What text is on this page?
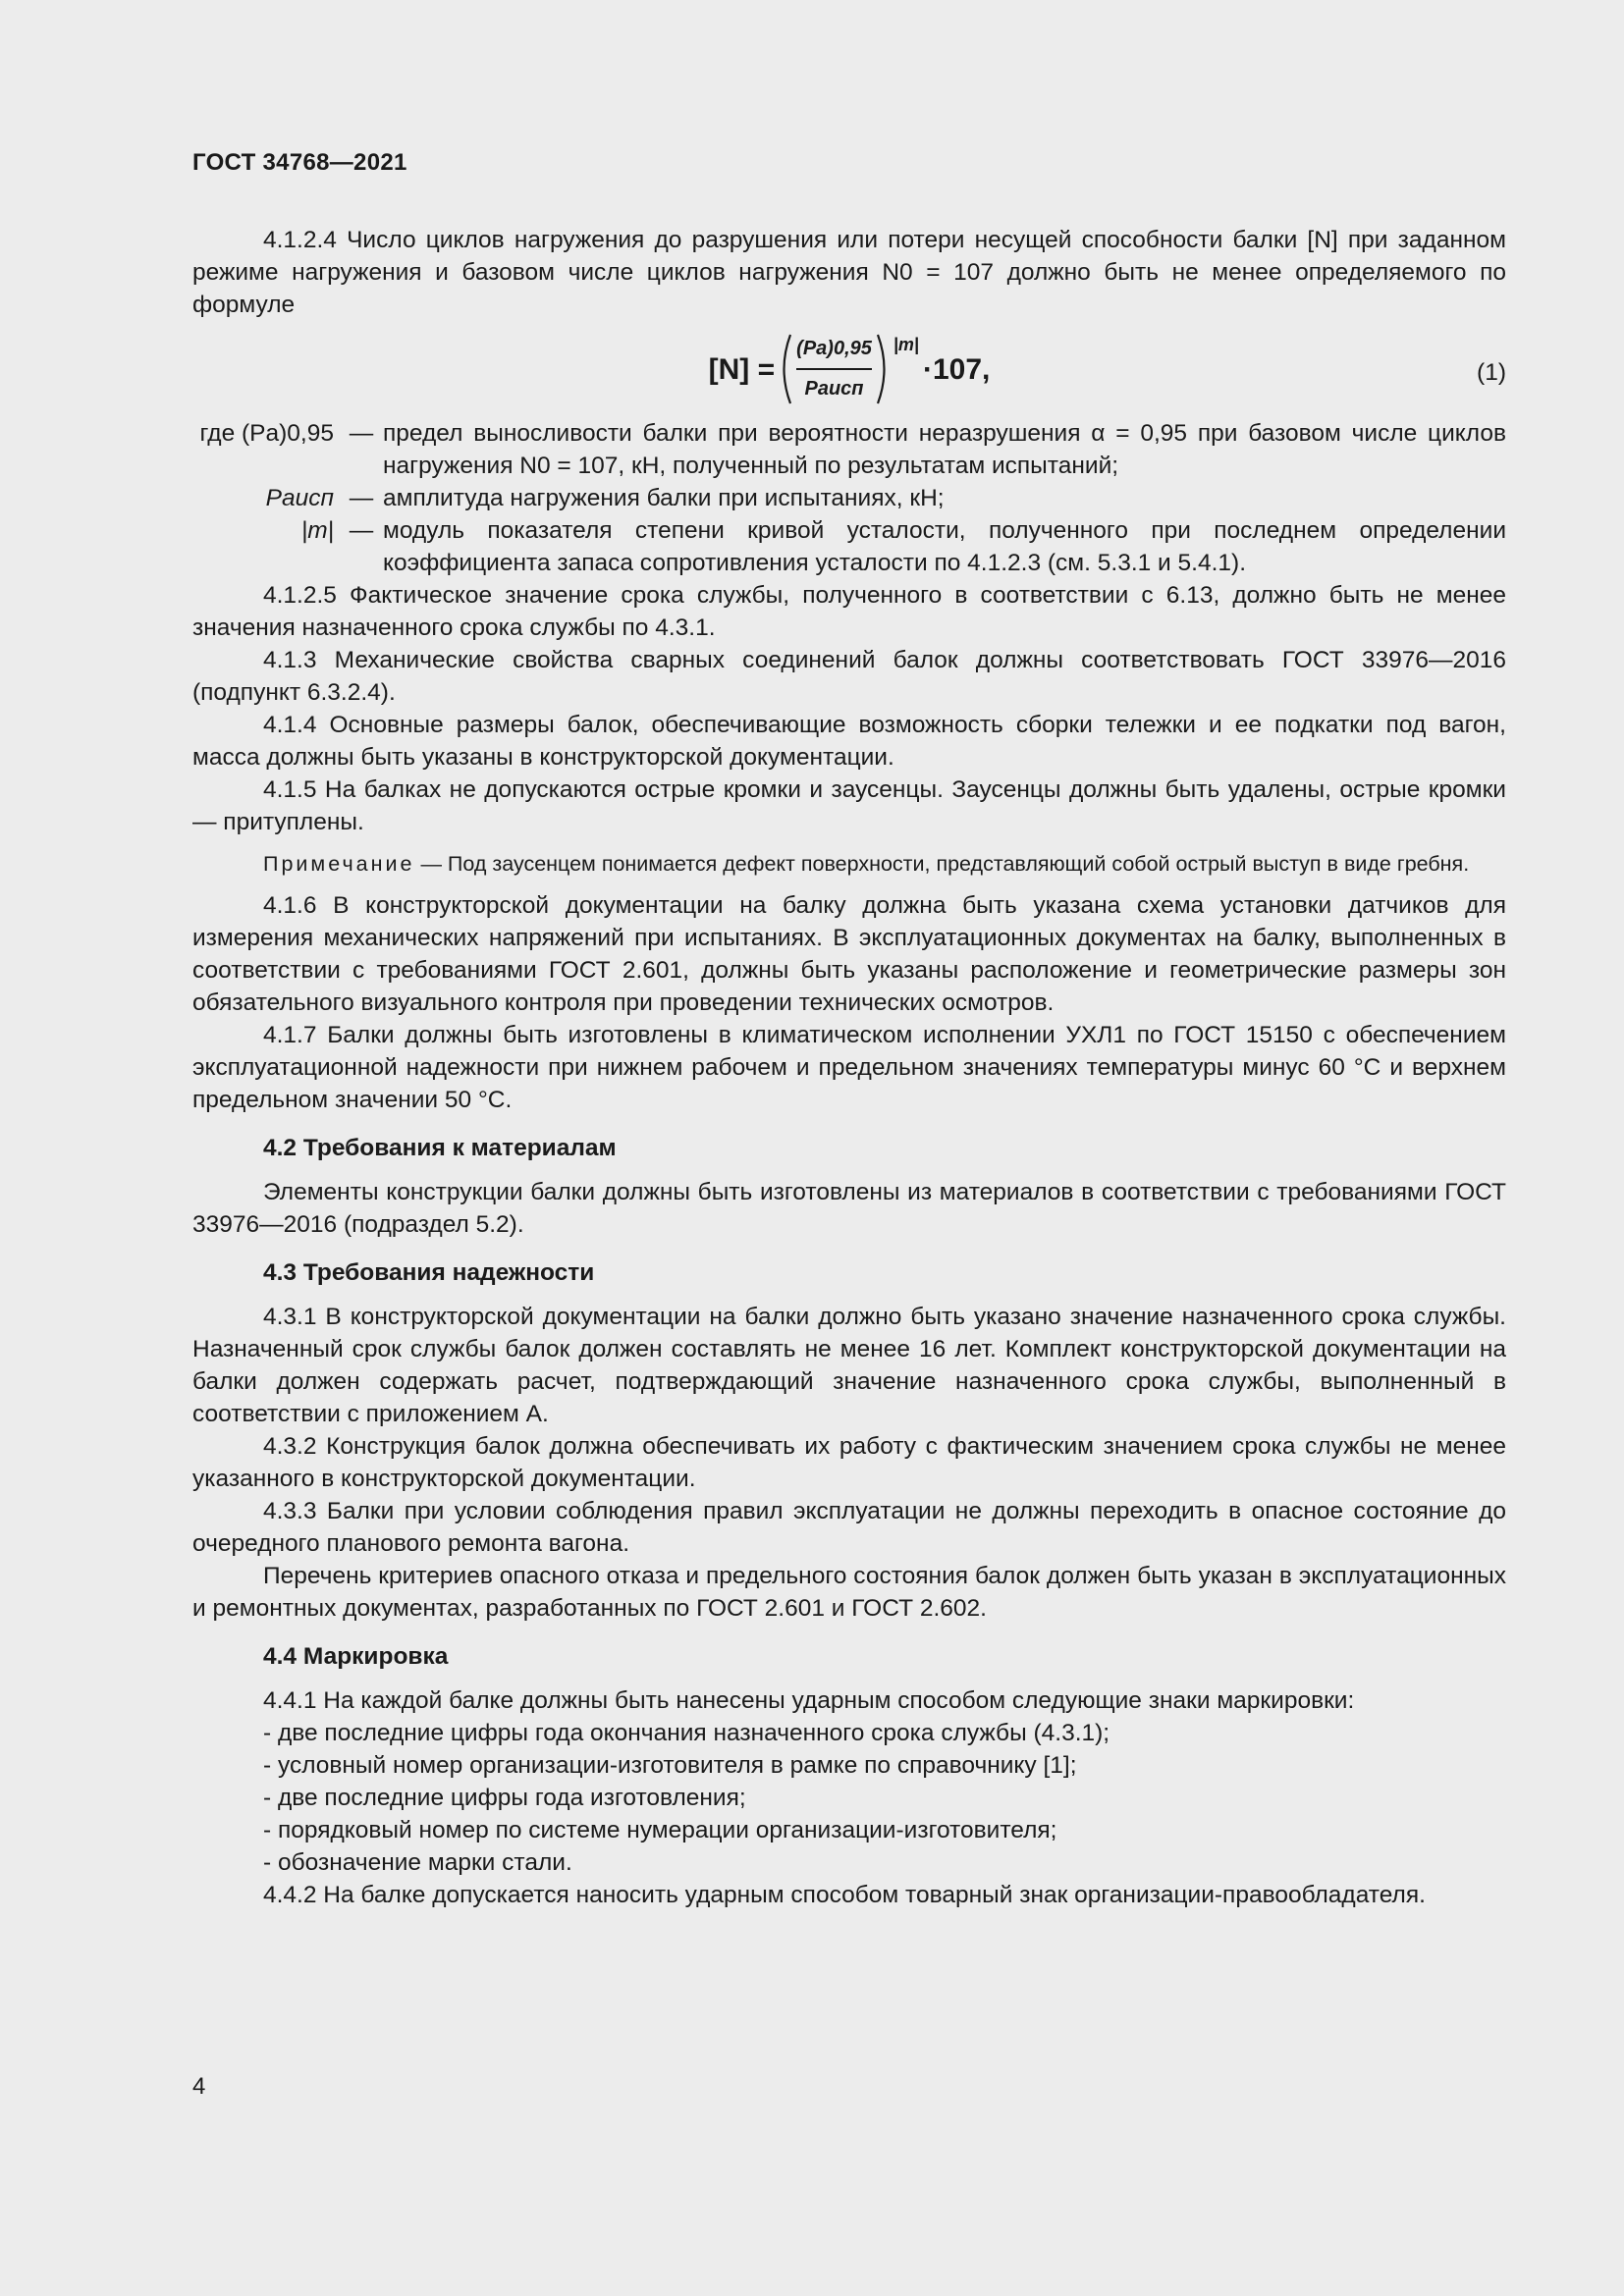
ГОСТ 34768—2021

4.1.2.4 Число циклов нагружения до разрушения или потери несущей способности балки [N] при заданном режиме нагружения и базовом числе циклов нагружения N0 = 107 должно быть не менее определяемого по формуле

$[N] = \frac{(Pa)0,95}{\text{Paисп}} |m|$
·107,	(1)
где (Pa)0,95 — предел выносливости балки при вероятности неразрушения α = 0,95 при базовом числе циклов нагружения N0 = 107, кН, полученный по результатам испытаний;
Paисп — амплитуда нагружения балки при испытаниях, кН;
|m| — модуль показателя степени кривой усталости, полученного при последнем определении коэффициента запаса сопротивления усталости по 4.1.2.3 (см. 5.3.1 и 5.4.1).

4.1.2.5 Фактическое значение срока службы, полученного в соответствии с 6.13, должно быть не менее значения назначенного срока службы по 4.3.1.

4.1.3 Механические свойства сварных соединений балок должны соответствовать ГОСТ 33976—2016 (подпункт 6.3.2.4).

4.1.4 Основные размеры балок, обеспечивающие возможность сборки тележки и ее подкатки под вагон, масса должны быть указаны в конструкторской документации.

4.1.5 На балках не допускаются острые кромки и заусенцы. Заусенцы должны быть удалены, острые кромки — притуплены.

Примечание — Под заусенцем понимается дефект поверхности, представляющий собой острый выступ в виде гребня.

4.1.6 В конструкторской документации на балку должна быть указана схема установки датчиков для измерения механических напряжений при испытаниях. В эксплуатационных документах на балку, выполненных в соответствии с требованиями ГОСТ 2.601, должны быть указаны расположение и геометрические размеры зон обязательного визуального контроля при проведении технических осмотров.

4.1.7 Балки должны быть изготовлены в климатическом исполнении УХЛ1 по ГОСТ 15150 с обеспечением эксплуатационной надежности при нижнем рабочем и предельном значениях температуры минус 60 °С и верхнем предельном значении 50 °С.

4.2 Требования к материалам

Элементы конструкции балки должны быть изготовлены из материалов в соответствии с требованиями ГОСТ 33976—2016 (подраздел 5.2).

4.3 Требования надежности

4.3.1 В конструкторской документации на балки должно быть указано значение назначенного срока службы. Назначенный срок службы балок должен составлять не менее 16 лет. Комплект конструкторской документации на балки должен содержать расчет, подтверждающий значение назначенного срока службы, выполненный в соответствии с приложением А.

4.3.2 Конструкция балок должна обеспечивать их работу с фактическим значением срока службы не менее указанного в конструкторской документации.

4.3.3 Балки при условии соблюдения правил эксплуатации не должны переходить в опасное состояние до очередного планового ремонта вагона.

Перечень критериев опасного отказа и предельного состояния балок должен быть указан в эксплуатационных и ремонтных документах, разработанных по ГОСТ 2.601 и ГОСТ 2.602.

4.4 Маркировка

4.4.1 На каждой балке должны быть нанесены ударным способом следующие знаки маркировки:

- две последние цифры года окончания назначенного срока службы (4.3.1);

- условный номер организации-изготовителя в рамке по справочнику [1];

- две последние цифры года изготовления;

- порядковый номер по системе нумерации организации-изготовителя;

- обозначение марки стали.

4.4.2 На балке допускается наносить ударным способом товарный знак организации-правообладателя.

4
